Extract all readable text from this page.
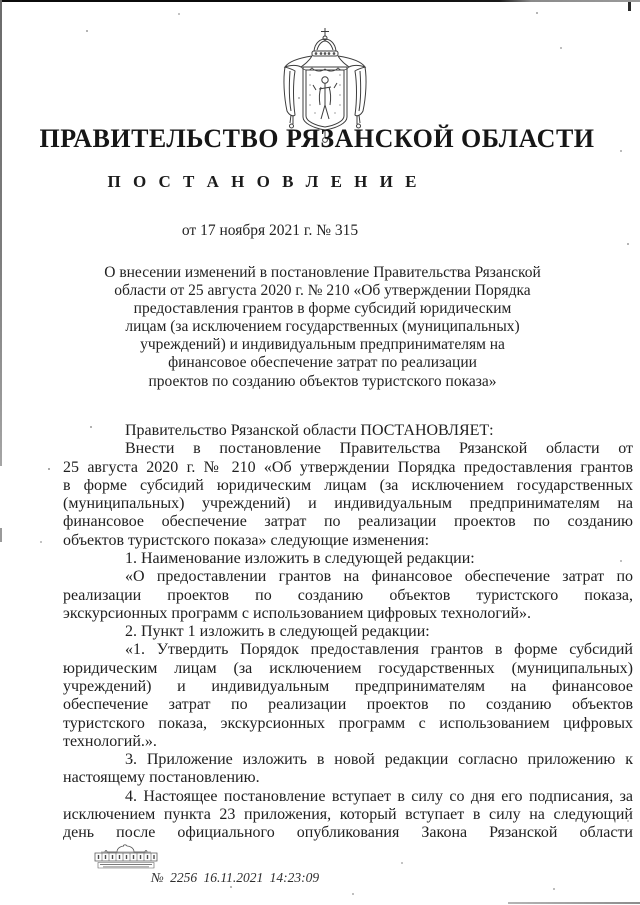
ПРАВИТЕЛЬСТВО РЯЗАНСКОЙ ОБЛАСТИ
П О С Т А Н О В Л Е Н И Е
от 17 ноября 2021 г. № 315
О внесении изменений в постановление Правительства Рязанской
области от 25 августа 2020 г. № 210 «Об утверждении Порядка
предоставления грантов в форме субсидий юридическим
лицам (за исключением государственных (муниципальных)
учреждений) и индивидуальным предпринимателям на
финансовое обеспечение затрат по реализации
проектов по созданию объектов туристского показа»
Правительство Рязанской области ПОСТАНОВЛЯЕТ:
Внести в постановление Правительства Рязанской области от
25 августа 2020 г. № 210 «Об утверждении Порядка предоставления грантов
в форме субсидий юридическим лицам (за исключением государственных
(муниципальных) учреждений) и индивидуальным предпринимателям на
финансовое обеспечение затрат по реализации проектов по созданию
объектов туристского показа» следующие изменения:
1. Наименование изложить в следующей редакции:
«О предоставлении грантов на финансовое обеспечение затрат по
реализации проектов по созданию объектов туристского показа,
экскурсионных программ с использованием цифровых технологий».
2. Пункт 1 изложить в следующей редакции:
«1. Утвердить Порядок предоставления грантов в форме субсидий
юридическим лицам (за исключением государственных (муниципальных)
учреждений) и индивидуальным предпринимателям на финансовое
обеспечение затрат по реализации проектов по созданию объектов
туристского показа, экскурсионных программ с использованием цифровых
технологий.».
3. Приложение изложить в новой редакции согласно приложению к
настоящему постановлению.
4. Настоящее постановление вступает в силу со дня его подписания, за
исключением пункта 23 приложения, который вступает в силу на следующий
день после официального опубликования Закона Рязанской области
№ 2256 16.11.2021 14:23:09
